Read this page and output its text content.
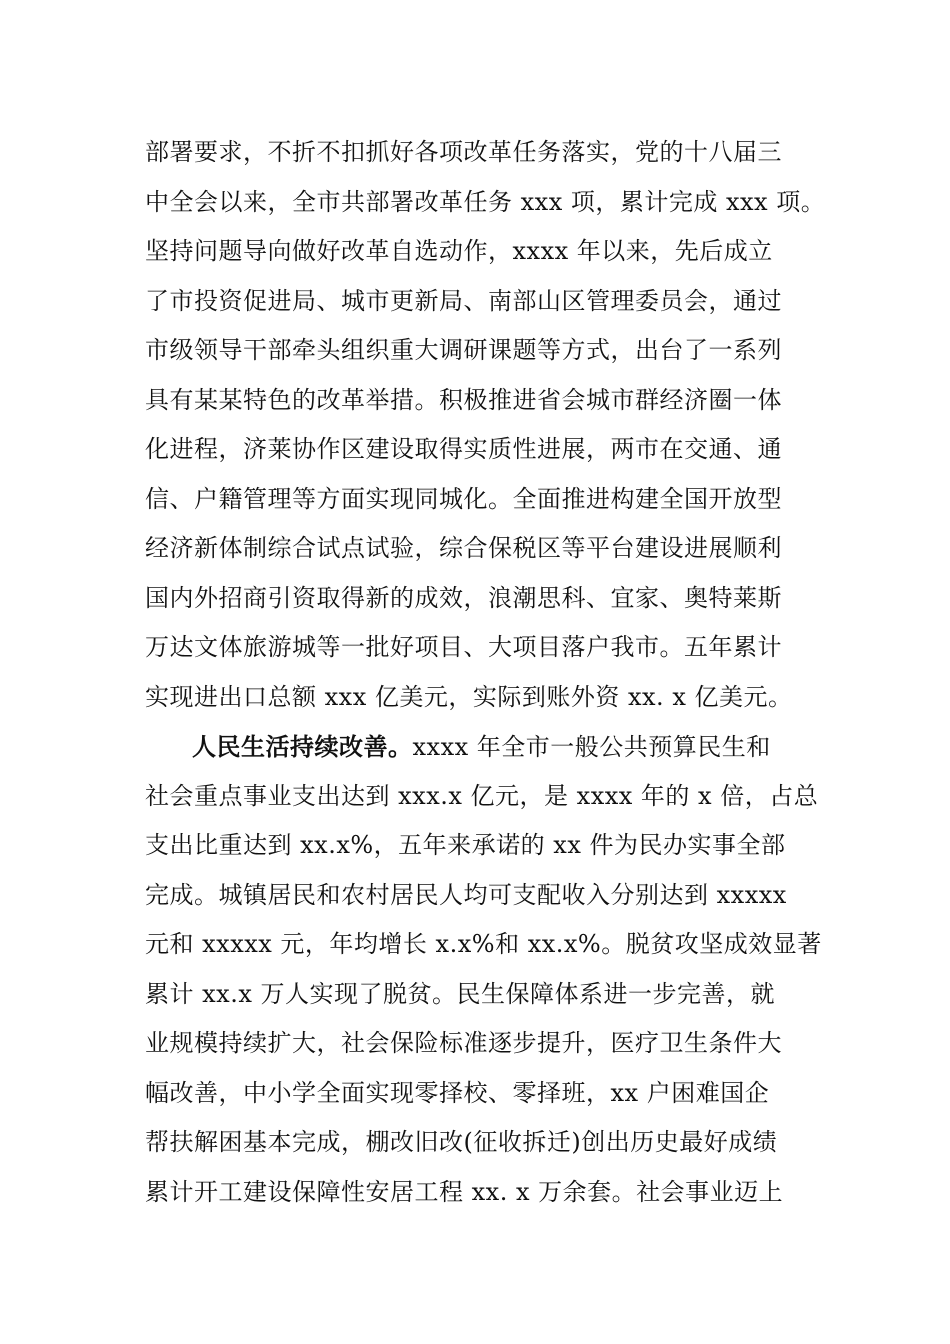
部署要求，不折不扣抓好各项改革任务落实，党的十八届三
中全会以来，全市共部署改革任务 xxx 项，累计完成 xxx 项。
坚持问题导向做好改革自选动作，xxxx 年以来，先后成立
了市投资促进局、城市更新局、南部山区管理委员会，通过
市级领导干部牵头组织重大调研课题等方式，出台了一系列
具有某某特色的改革举措。积极推进省会城市群经济圈一体
化进程，济莱协作区建设取得实质性进展，两市在交通、通
信、户籍管理等方面实现同城化。全面推进构建全国开放型
经济新体制综合试点试验，综合保税区等平台建设进展顺利
国内外招商引资取得新的成效，浪潮思科、宜家、奥特莱斯
万达文体旅游城等一批好项目、大项目落户我市。五年累计
实现进出口总额 xxx 亿美元，实际到账外资 xx. x 亿美元。
人民生活持续改善。xxxx 年全市一般公共预算民生和
社会重点事业支出达到 xxx.x 亿元，是 xxxx 年的 x 倍，占总
支出比重达到 xx.x%，五年来承诺的 xx 件为民办实事全部
完成。城镇居民和农村居民人均可支配收入分别达到 xxxxx
元和 xxxxx 元，年均增长 x.x%和 xx.x%。脱贫攻坚成效显著
累计 xx.x 万人实现了脱贫。民生保障体系进一步完善，就
业规模持续扩大，社会保险标准逐步提升，医疗卫生条件大
幅改善，中小学全面实现零择校、零择班，xx 户困难国企
帮扶解困基本完成，棚改旧改(征收拆迁)创出历史最好成绩
累计开工建设保障性安居工程 xx. x 万余套。社会事业迈上
